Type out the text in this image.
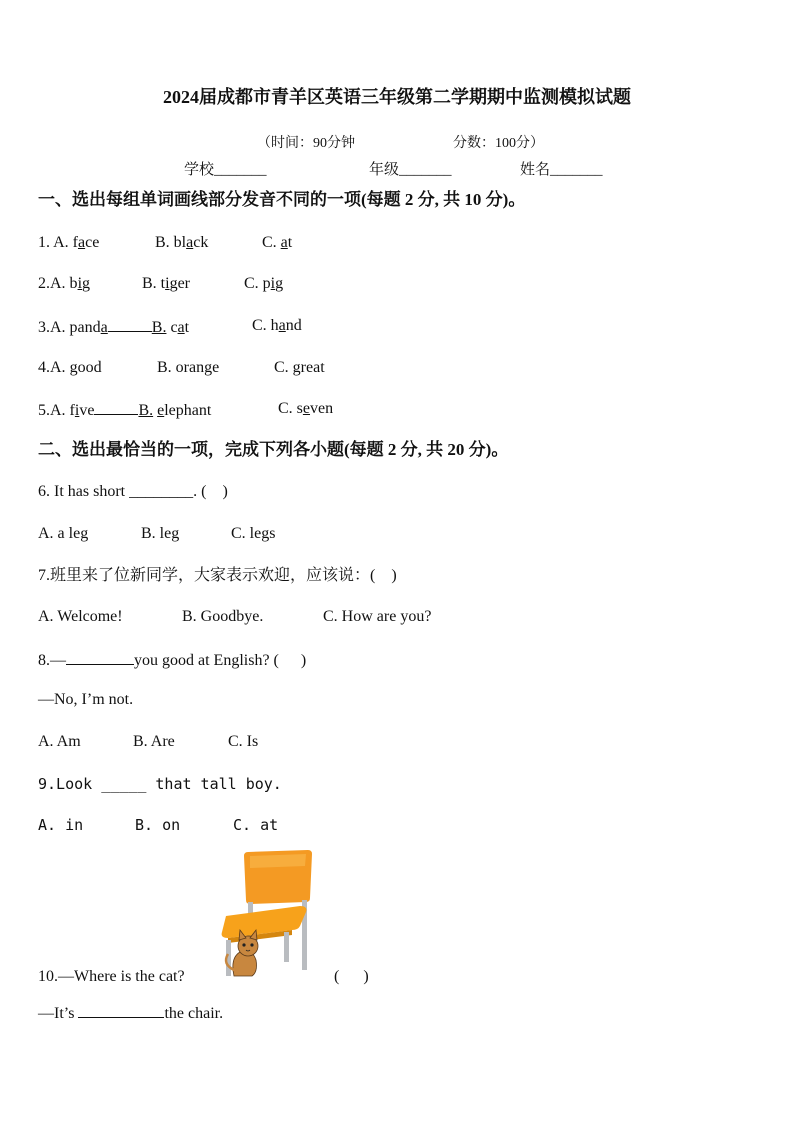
2024届成都市青羊区英语三年级第二学期期中监测模拟试题

（时间：90分钟	分数：100分）

学校_______	年级_______	姓名_______
一、选出每组单词画线部分发音不同的一项(每题 2 分, 共 10 分)。
1. A. face	B. black	C. at
2.A. big	B. tiger	C. pig
3.A. panda	B. cat	C. hand
4.A. good	B. orange	C. great
5.A. five	B. elephant	C. seven
二、选出最恰当的一项，完成下列各小题(每题 2 分, 共 20 分)。
6. It has short ________. ( )
A. a leg	B. leg	C. legs
7.班里来了位新同学，大家表示欢迎，应该说：( )
A. Welcome!	B. Goodbye.	C. How are you?
8.—	you good at English? ( )
—No, I’m not.
A. Am	B. Are	C. Is
9.Look _____ that tall boy.
A. in	B. on	C. at
10.—Where is the cat?	(      )
—It’s	the chair.
